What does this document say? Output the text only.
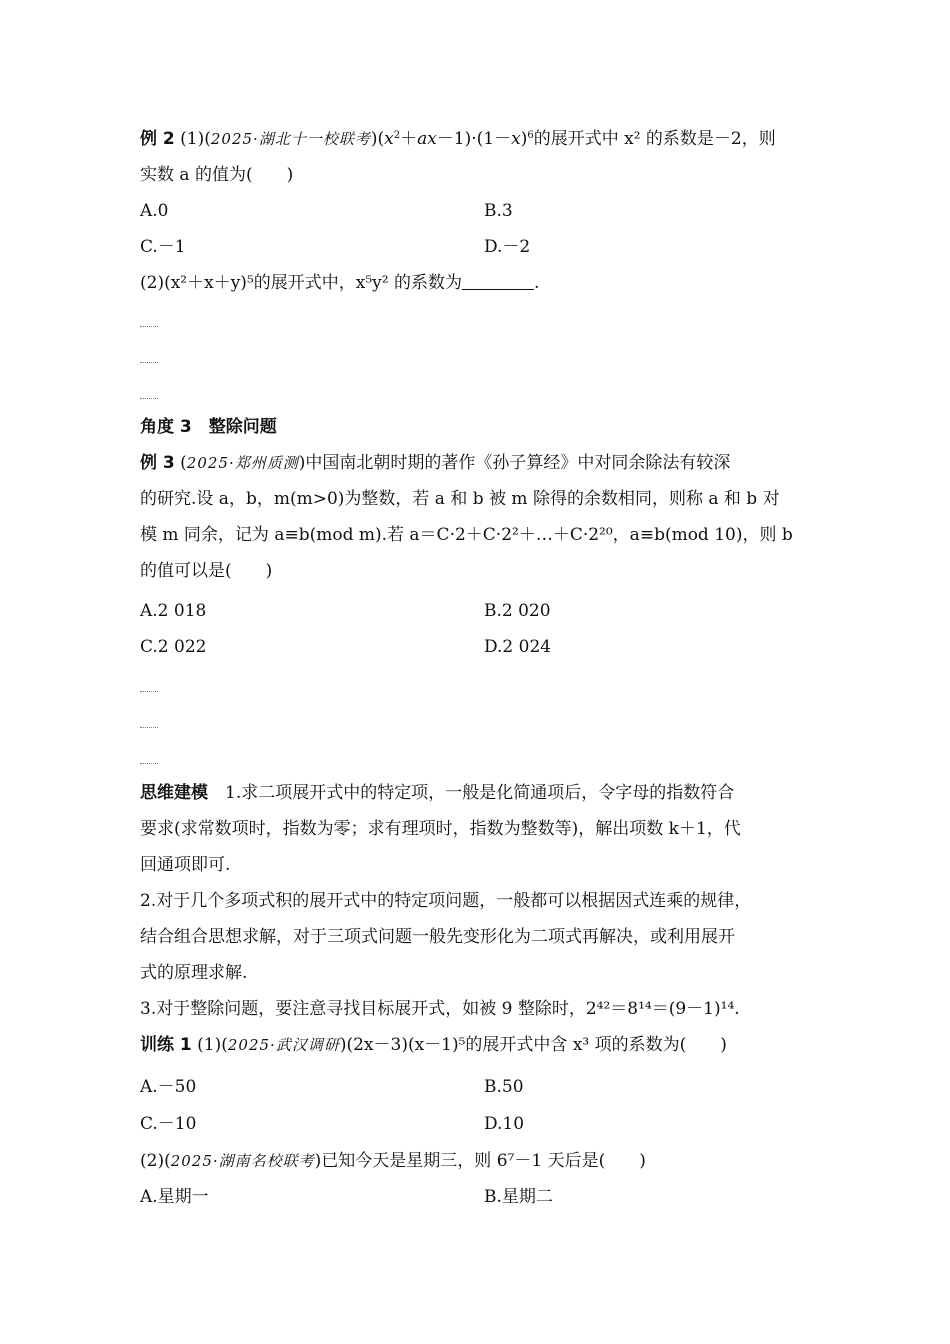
例 2 (1)(2025·湖北十一校联考)$(x^2+ax-1)\cdot(1-x)^6$的展开式中 x² 的系数是－2，则
实数 a 的值为(　　)
A.0	B.3
C.－1	D.－2
(2)(x²＋x＋y)⁵的展开式中，x⁵y² 的系数为	.
角度 3　整除问题
例 3 (2025·郑州质测)中国南北朝时期的著作《孙子算经》中对同余除法有较深
的研究.设 a，b，m(m>0)为整数，若 a 和 b 被 m 除得的余数相同，则称 a 和 b 对
模 m 同余，记为 a≡b(mod m).若 a＝C·2＋C·2²＋…＋C·2²⁰，a≡b(mod 10)，则 b
的值可以是(　　)
A.2 018	B.2 020
C.2 022	D.2 024
思维建模　 1.求二项展开式中的特定项，一般是化简通项后，令字母的指数符合
要求(求常数项时，指数为零；求有理项时，指数为整数等)，解出项数 k＋1，代
回通项即可.
2.对于几个多项式积的展开式中的特定项问题，一般都可以根据因式连乘的规律，
结合组合思想求解，对于三项式问题一般先变形化为二项式再解决，或利用展开
式的原理求解.
3.对于整除问题，要注意寻找目标展开式，如被 9 整除时，2⁴²＝8¹⁴＝(9－1)¹⁴.
训练 1 (1)(2025·武汉调研)(2x－3)(x－1)⁵的展开式中含 x³ 项的系数为(　　)
A.－50	B.50
C.－10	D.10
(2)(2025·湖南名校联考)已知今天是星期三，则 6⁷－1 天后是(　　)
A.星期一	B.星期二
